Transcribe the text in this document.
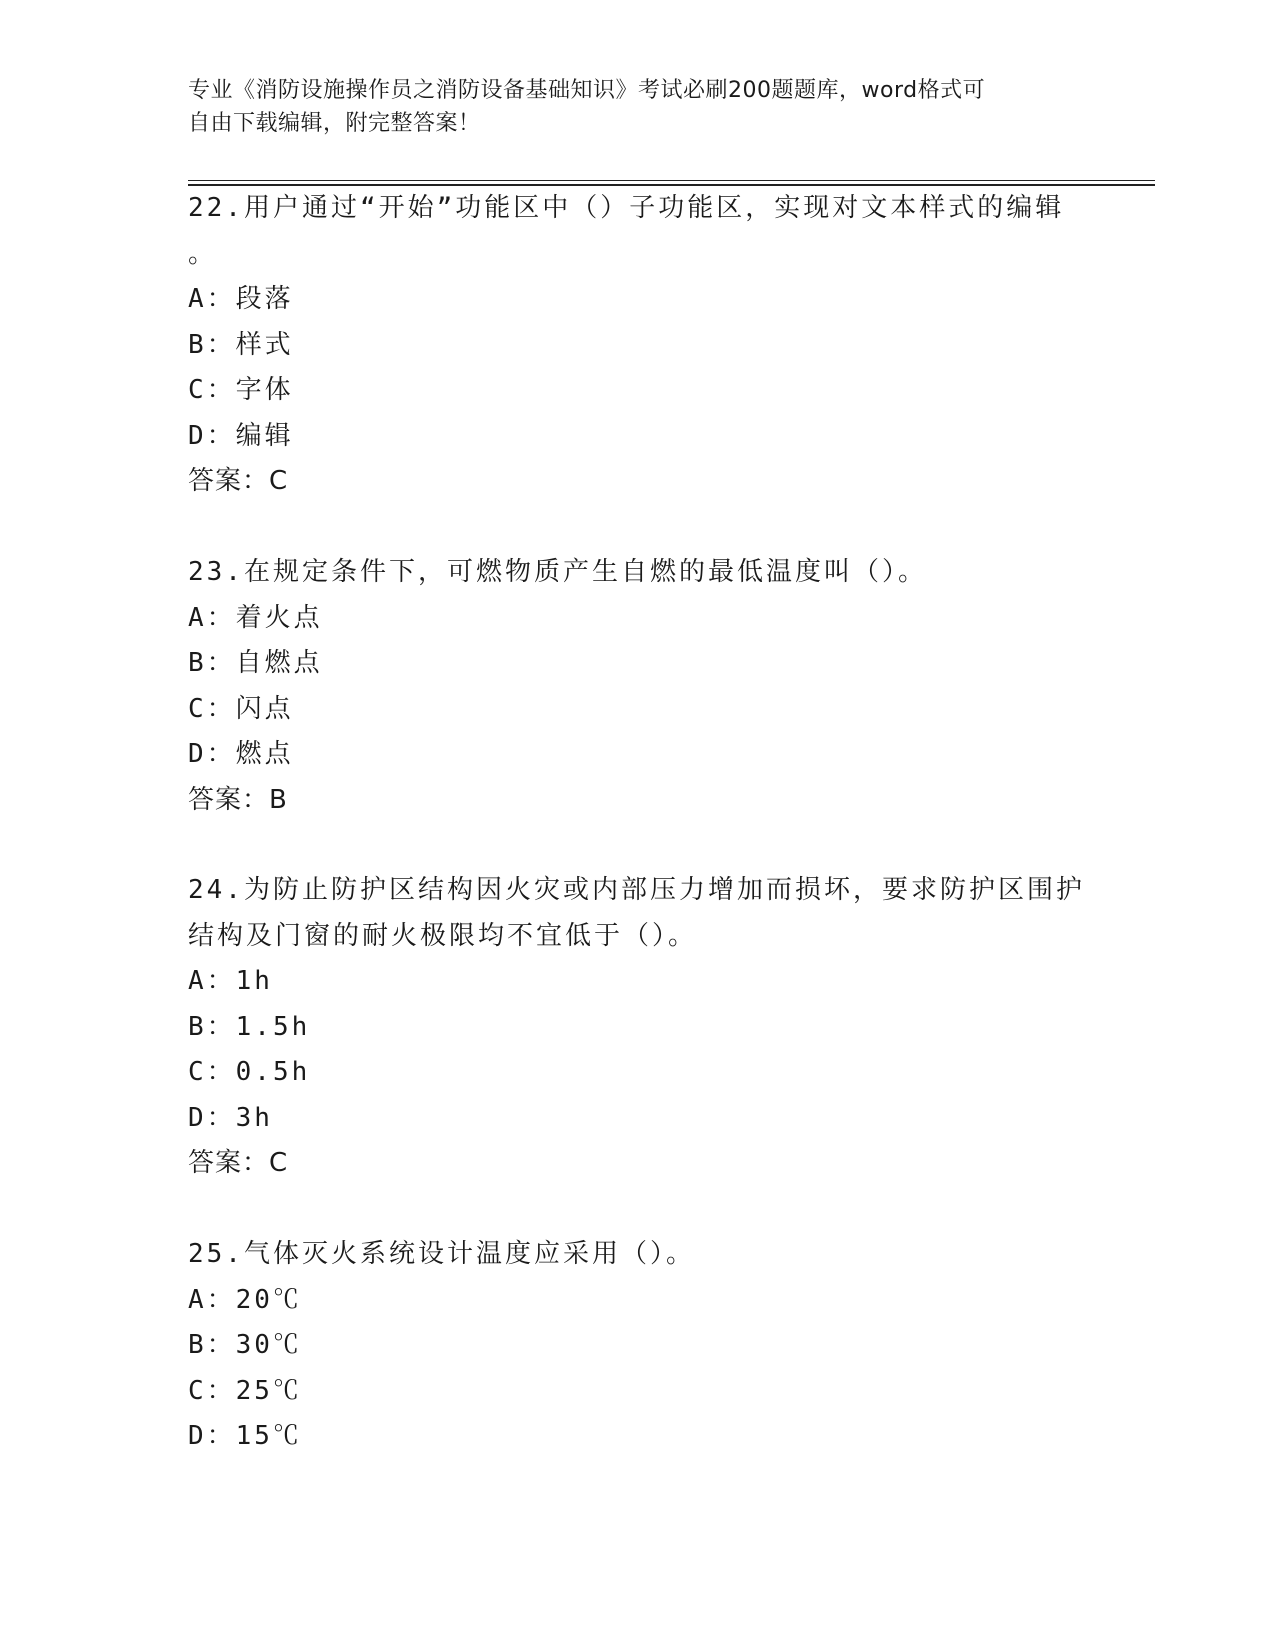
专业《消防设施操作员之消防设备基础知识》考试必刷200题题库，word格式可
自由下载编辑，附完整答案！
22.用户通过“开始”功能区中（）子功能区，实现对文本样式的编辑
。
A：段落
B：样式
C：字体
D：编辑
答案：C
23.在规定条件下，可燃物质产生自燃的最低温度叫（）。
A：着火点
B：自燃点
C：闪点
D：燃点
答案：B
24.为防止防护区结构因火灾或内部压力增加而损坏，要求防护区围护
结构及门窗的耐火极限均不宜低于（）。
A：1h
B：1.5h
C：0.5h
D：3h
答案：C
25.气体灭火系统设计温度应采用（）。
A：20℃
B：30℃
C：25℃
D：15℃
